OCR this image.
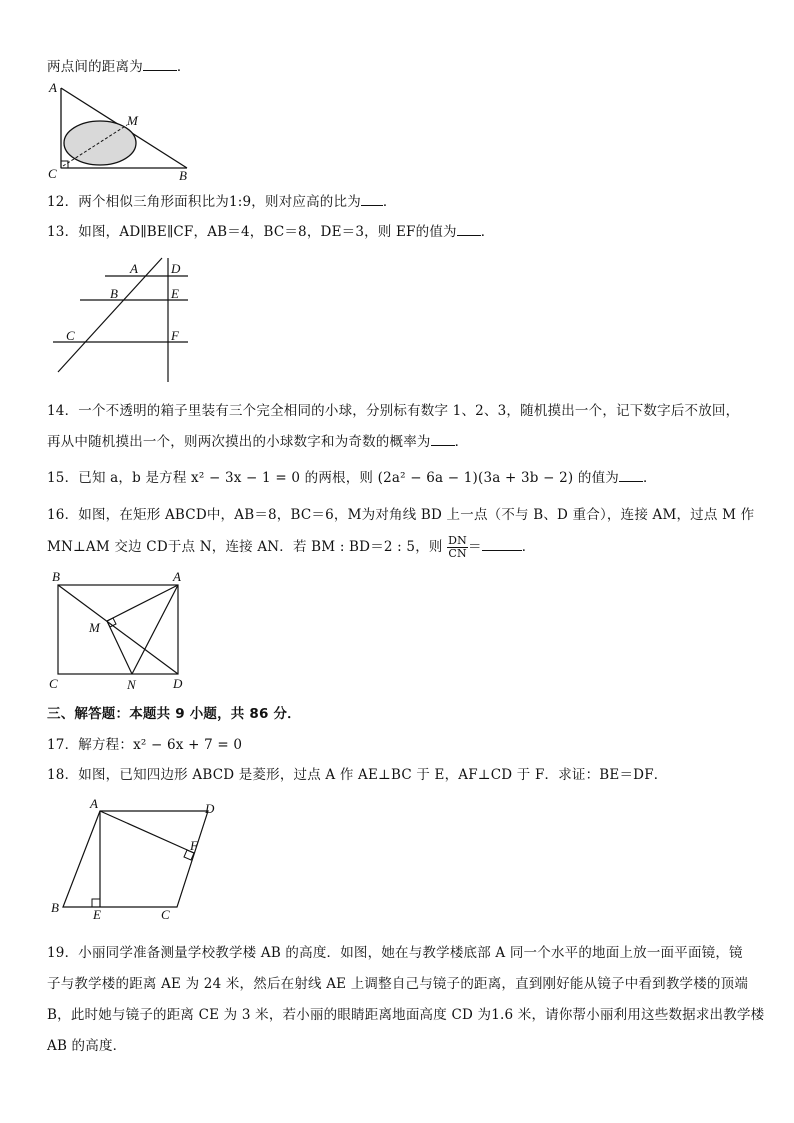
两点间的距离为	．
A
M
C	B
12．两个相似三角形面积比为1:9，则对应高的比为 ．
13．如图，AD∥BE∥CF，AB＝4，BC＝8，DE＝3，则 EF的值为 ．
A	D
B	E
C	F
14．一个不透明的箱子里装有三个完全相同的小球，分别标有数字 1、2、3，随机摸出一个，记下数字后不放回，
再从中随机摸出一个，则两次摸出的小球数字和为奇数的概率为 ．
15．已知 a，b 是方程 x² − 3x − 1 = 0 的两根，则 (2a² − 6a − 1)(3a + 3b − 2) 的值为 ．
16．如图，在矩形 ABCD中，AB＝8，BC＝6，M为对角线 BD 上一点（不与 B、D 重合），连接 AM，过点 M 作
MN⊥AM 交边 CD于点 N，连接 AN．若 BM : BD＝2 : 5，则 $\frac{DN}{CN}$ ＝	．
B	A
M
C	N	D
三、解答题：本题共 9 小题，共 86 分．
17．解方程：x² − 6x + 7 = 0
18．如图，已知四边形 ABCD 是菱形，过点 A 作 AE⊥BC 于 E，AF⊥CD 于 F．求证：BE＝DF．
A	D
F
B	E	C
19．小丽同学准备测量学校教学楼 AB 的高度．如图，她在与教学楼底部 A 同一个水平的地面上放一面平面镜，镜
子与教学楼的距离 AE 为 24 米，然后在射线 AE 上调整自己与镜子的距离，直到刚好能从镜子中看到教学楼的顶端
B，此时她与镜子的距离 CE 为 3 米，若小丽的眼睛距离地面高度 CD 为1.6 米，请你帮小丽利用这些数据求出教学楼
AB 的高度．
